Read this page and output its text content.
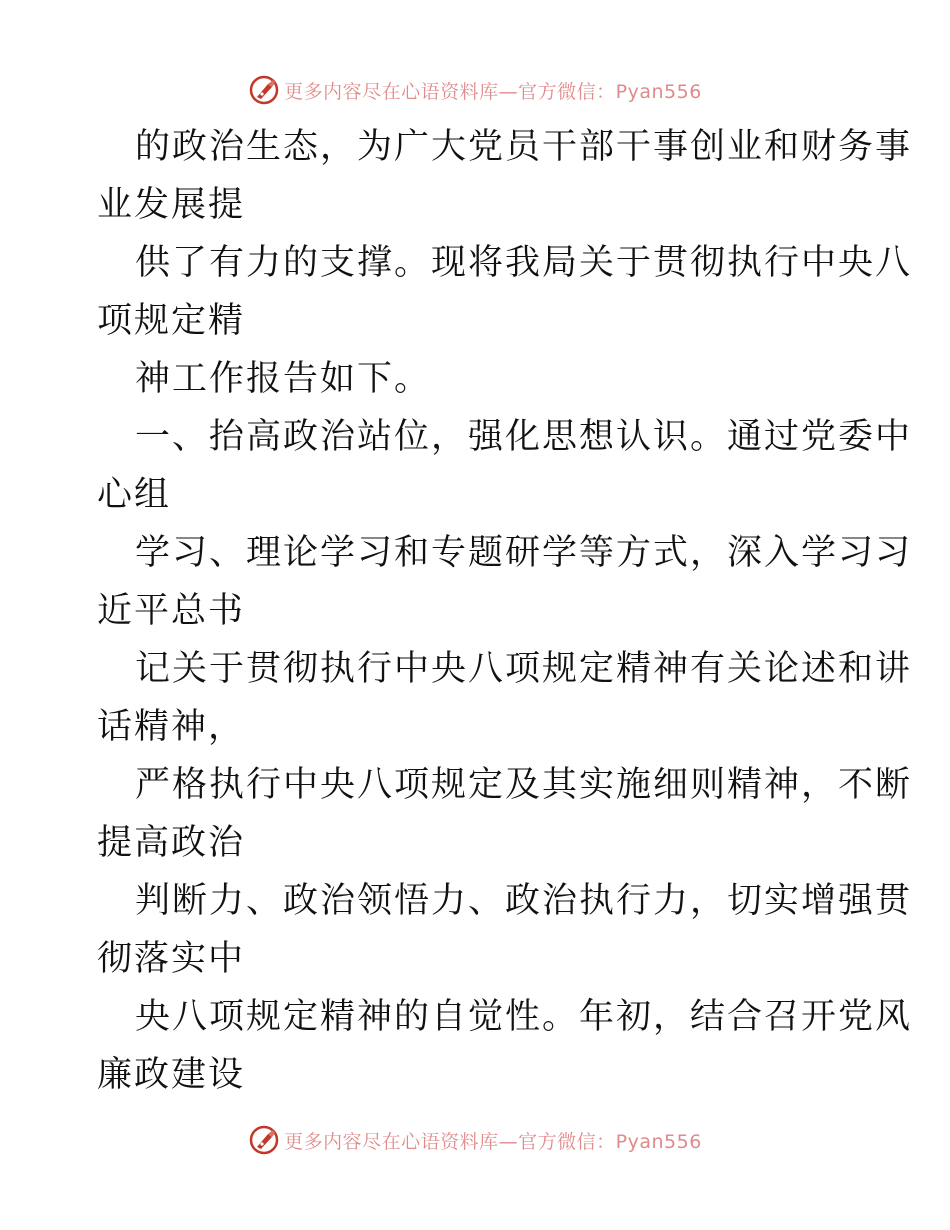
更多内容尽在心语资料库—官方微信：Pyan556
的政治生态，为广大党员干部干事创业和财务事
业发展提
供了有力的支撑。现将我局关于贯彻执行中央八
项规定精
神工作报告如下。
一、抬高政治站位，强化思想认识。通过党委中
心组
学习、理论学习和专题研学等方式，深入学习习
近平总书
记关于贯彻执行中央八项规定精神有关论述和讲
话精神，
严格执行中央八项规定及其实施细则精神，不断
提高政治
判断力、政治领悟力、政治执行力，切实增强贯
彻落实中
央八项规定精神的自觉性。年初，结合召开党风
廉政建设
更多内容尽在心语资料库—官方微信：Pyan556
